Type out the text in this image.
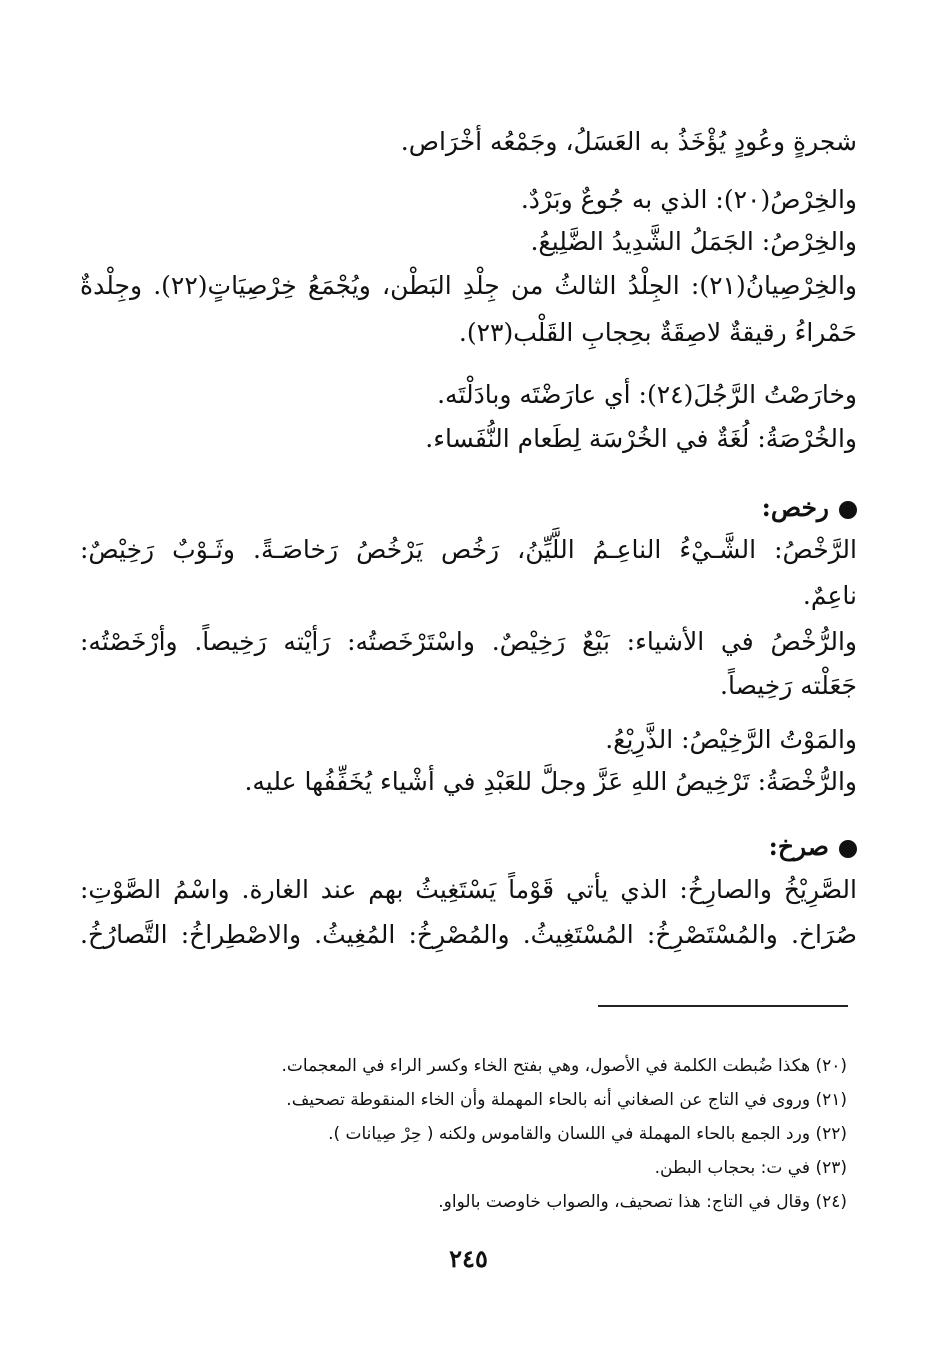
شجرةٍ وعُودٍ يُؤْخَذُ به العَسَلُ، وجَمْعُه أخْرَاص.
والخِرْصُ(٢٠): الذي به جُوعٌ وبَرْدٌ.
والخِرْصُ: الجَمَلُ الشَّدِيدُ الضَّلِيعُ.
والخِرْصِيانُ(٢١): الجِلْدُ الثالثُ من جِلْدِ البَطْن، ويُجْمَعُ خِرْصِيَاتٍ(٢٢). وجِلْدةٌ
حَمْراءُ رقيقةٌ لاصِقَةٌ بحِجابِ القَلْب(٢٣).
وخارَصْتُ الرَّجُلَ(٢٤): أي عارَضْتَه وبادَلْتَه.
والخُرْصَةُ: لُغَةٌ في الخُرْسَة لِطَعام النُّفَساء.
رخص:
الرَّخْصُ: الشَّـيْءُ الناعِـمُ اللَّيِّنُ، رَخُص يَرْخُصُ رَخاصَـةً. وثَـوْبٌ رَخِيْصٌ:
ناعِمٌ.
والرُّخْصُ في الأشياء: بَيْعٌ رَخِيْصٌ. واسْتَرْخَصتُه: رَأيْته رَخِيصاً. وأرْخَصْتُه:
جَعَلْته رَخِيصاً.
والمَوْتُ الرَّخِيْصُ: الذَّرِيْعُ.
والرُّخْصَةُ: تَرْخِيصُ اللهِ عَزَّ وجلَّ للعَبْدِ في أشْياء يُخَفِّفُها عليه.
صرخ:
الصَّرِيْخُ والصارِخُ: الذي يأتي قَوْماً يَسْتَغِيثُ بهم عند الغارة. واسْمُ الصَّوْتِ:
صُرَاخ. والمُسْتَصْرِخُ: المُسْتَغِيثُ. والمُصْرِخُ: المُغِيثُ. والاصْطِراخُ: التَّصارُخُ.
(٢٠) هكذا ضُبطت الكلمة في الأصول، وهي بفتح الخاء وكسر الراء في المعجمات.
(٢١) وروى في التاج عن الصغاني أنه بالحاء المهملة وأن الخاء المنقوطة تصحيف.
(٢٢) ورد الجمع بالحاء المهملة في اللسان والقاموس ولكنه ( حِرْ صِيانات ).
(٢٣) في ت: بحجاب البطن.
(٢٤) وقال في التاج: هذا تصحيف، والصواب خاوصت بالواو.
٢٤٥
